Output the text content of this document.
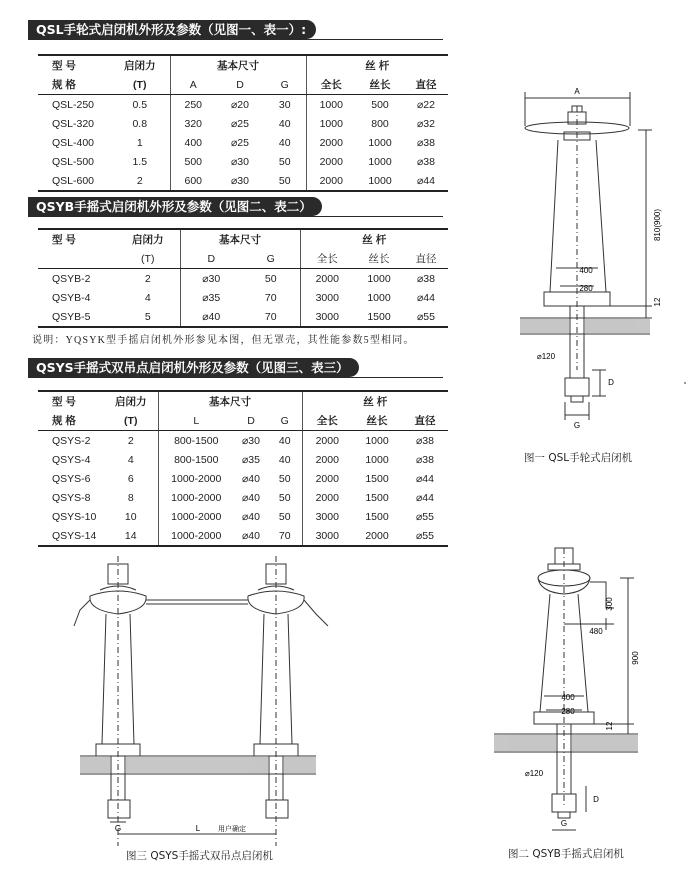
QSL手轮式启闭机外形及参数（见图一、表一）:
型 号	启闭力	基本尺寸			丝 杆		
规 格	(T)	A	D	G	全长	丝长	直径
QSL-250	0.5	250	⌀20	30	1000	500	⌀22
QSL-320	0.8	320	⌀25	40	1000	800	⌀32
QSL-400	1	400	⌀25	40	2000	1000	⌀38
QSL-500	1.5	500	⌀30	50	2000	1000	⌀38
QSL-600	2	600	⌀30	50	2000	1000	⌀44
QSYB手摇式启闭机外形及参数（见图二、表二）
型 号	启闭力	基本尺寸		丝 杆		
	(T)	D	G	全长	丝长	直径
QSYB-2	2	⌀30	50	2000	1000	⌀38
QSYB-4	4	⌀35	70	3000	1000	⌀44
QSYB-5	5	⌀40	70	3000	1500	⌀55
说明：YQSYK型手摇启闭机外形参见本图，但无罩壳，其性能参数5型相同。
QSYS手摇式双吊点启闭机外形及参数（见图三、表三）
型 号	启闭力	基本尺寸			丝 杆		
规 格	(T)	L	D	G	全长	丝长	直径
QSYS-2	2	800-1500	⌀30	40	2000	1000	⌀38
QSYS-4	4	800-1500	⌀35	40	2000	1000	⌀38
QSYS-6	6	1000-2000	⌀40	50	2000	1500	⌀44
QSYS-8	8	1000-2000	⌀40	50	2000	1500	⌀44
QSYS-10	10	1000-2000	⌀40	50	3000	1500	⌀55
QSYS-14	14	1000-2000	⌀40	70	3000	2000	⌀55
A
810(900)
400
280
12
⌀120
D
G
图一 QSL手轮式启闭机
300
480
900
400
280
12
⌀120
D
G
图二 QSYB手摇式启闭机
G	L	用户确定
图三 QSYS手摇式双吊点启闭机
